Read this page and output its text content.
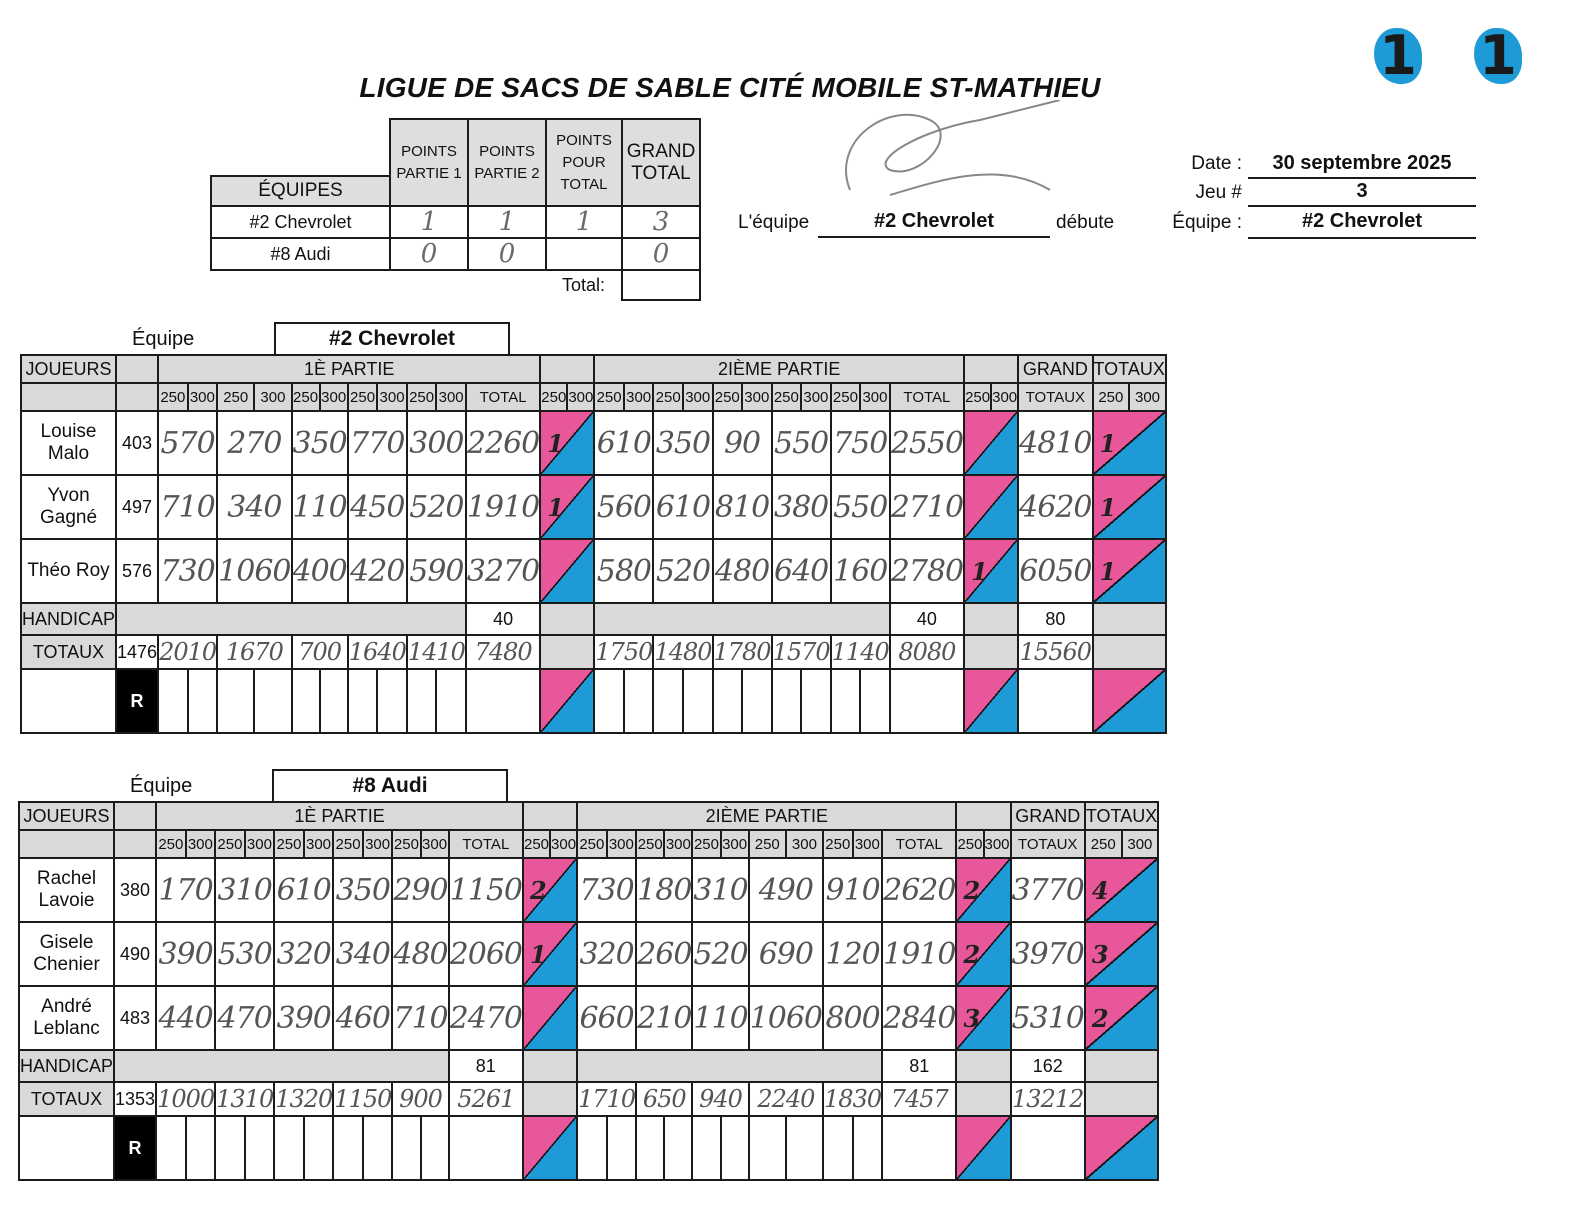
LIGUE DE SACS DE SABLE CITÉ MOBILE ST-MATHIEU
1 1
	POINTS PARTIE 1	POINTS PARTIE 2	POINTS POUR TOTAL	GRAND TOTAL
ÉQUIPES				
#2 Chevrolet	1	1	1	3
#8 Audi	0	0		0
			Total:	
L'équipe	#2 Chevrolet	débute
Date :	30 septembre 2025
Jeu #	3
Équipe :	#2 Chevrolet
Équipe	#2 Chevrolet
JOUEURS		1È PARTIE													2IÈME PARTIE													GRAND	TOTAUX	
		250	300	250	300	250	300	250	300	250	300	TOTAL	250	300	250	300	250	300	250	300	250	300	250	300	TOTAL	250	300	TOTAUX	250	300
Louise Malo	403	570		270		350		770		300		2260	1		610		350		90		550		750		2550			4810	1	

Yvon Gagné	497	710		340		110		450		520		1910	1		560		610		810		380		550		2710			4620	1	

Théo Roy	576	730		1060		400		420		590		3270			580		520		480		640		160		2780	1		6050	1	

HANDICAP												40													40			80		
TOTAUX	1476	2010		1670		700		1640		1410		7480			1750		1480		1780		1570		1140		8080			15560		
	R																													
Équipe	#8 Audi
JOUEURS		1È PARTIE													2IÈME PARTIE													GRAND	TOTAUX	
		250	300	250	300	250	300	250	300	250	300	TOTAL	250	300	250	300	250	300	250	300	250	300	250	300	TOTAL	250	300	TOTAUX	250	300
Rachel Lavoie	380	170		310		610		350		290		1150	2		730		180		310		490		910		2620	2		3770	4	

Gisele Chenier	490	390		530		320		340		480		2060	1		320		260		520		690		120		1910	2		3970	3	

André Leblanc	483	440		470		390		460		710		2470			660		210		110		1060		800		2840	3		5310	2	

HANDICAP												81													81			162		
TOTAUX	1353	1000		1310		1320		1150		900		5261			1710		650		940		2240		1830		7457			13212		
	R																													
